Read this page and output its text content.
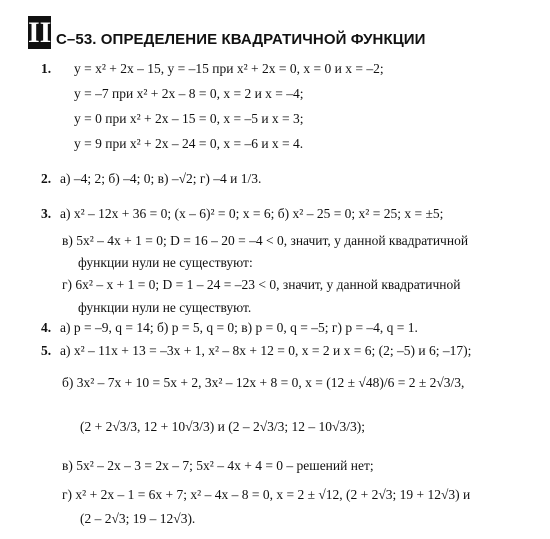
II С–53. ОПРЕДЕЛЕНИЕ КВАДРАТИЧНОЙ ФУНКЦИИ
1. y = x² + 2x – 15, y = –15 при x² + 2x = 0, x = 0 и x = –2;
y = –7 при x² + 2x – 8 = 0, x = 2 и x = –4;
y = 0 при x² + 2x – 15 = 0, x = –5 и x = 3;
y = 9 при x² + 2x – 24 = 0, x = –6 и x = 4.
2. а) –4; 2; б) –4; 0; в) –√2; г) –4 и 1/3.
3. а) x² – 12x + 36 = 0; (x – 6)² = 0; x = 6; б) x² – 25 = 0; x² = 25; x = ±5;
в) 5x² – 4x + 1 = 0; D = 16 – 20 = –4 < 0, значит, у данной квадратичной
функции нули не существуют:
г) 6x² – x + 1 = 0; D = 1 – 24 = –23 < 0, значит, у данной квадратичной
функции нули не существуют.
4. а) p = –9, q = 14; б) p = 5, q = 0; в) p = 0, q = –5; г) p = –4, q = 1.
5. а) x² – 11x + 13 = –3x + 1, x² – 8x + 12 = 0, x = 2 и x = 6; (2; –5) и 6; –17);
б) 3x² – 7x + 10 = 5x + 2, 3x² – 12x + 8 = 0, x = (12 ± √48)/6 = 2 ± 2√3/3,
(2 + 2√3/3, 12 + 10√3/3) и (2 – 2√3/3; 12 – 10√3/3);
в) 5x² – 2x – 3 = 2x – 7; 5x² – 4x + 4 = 0 – решений нет;
г) x² + 2x – 1 = 6x + 7; x² – 4x – 8 = 0, x = 2 ± √12, (2 + 2√3; 19 + 12√3) и
(2 – 2√3; 19 – 12√3).
